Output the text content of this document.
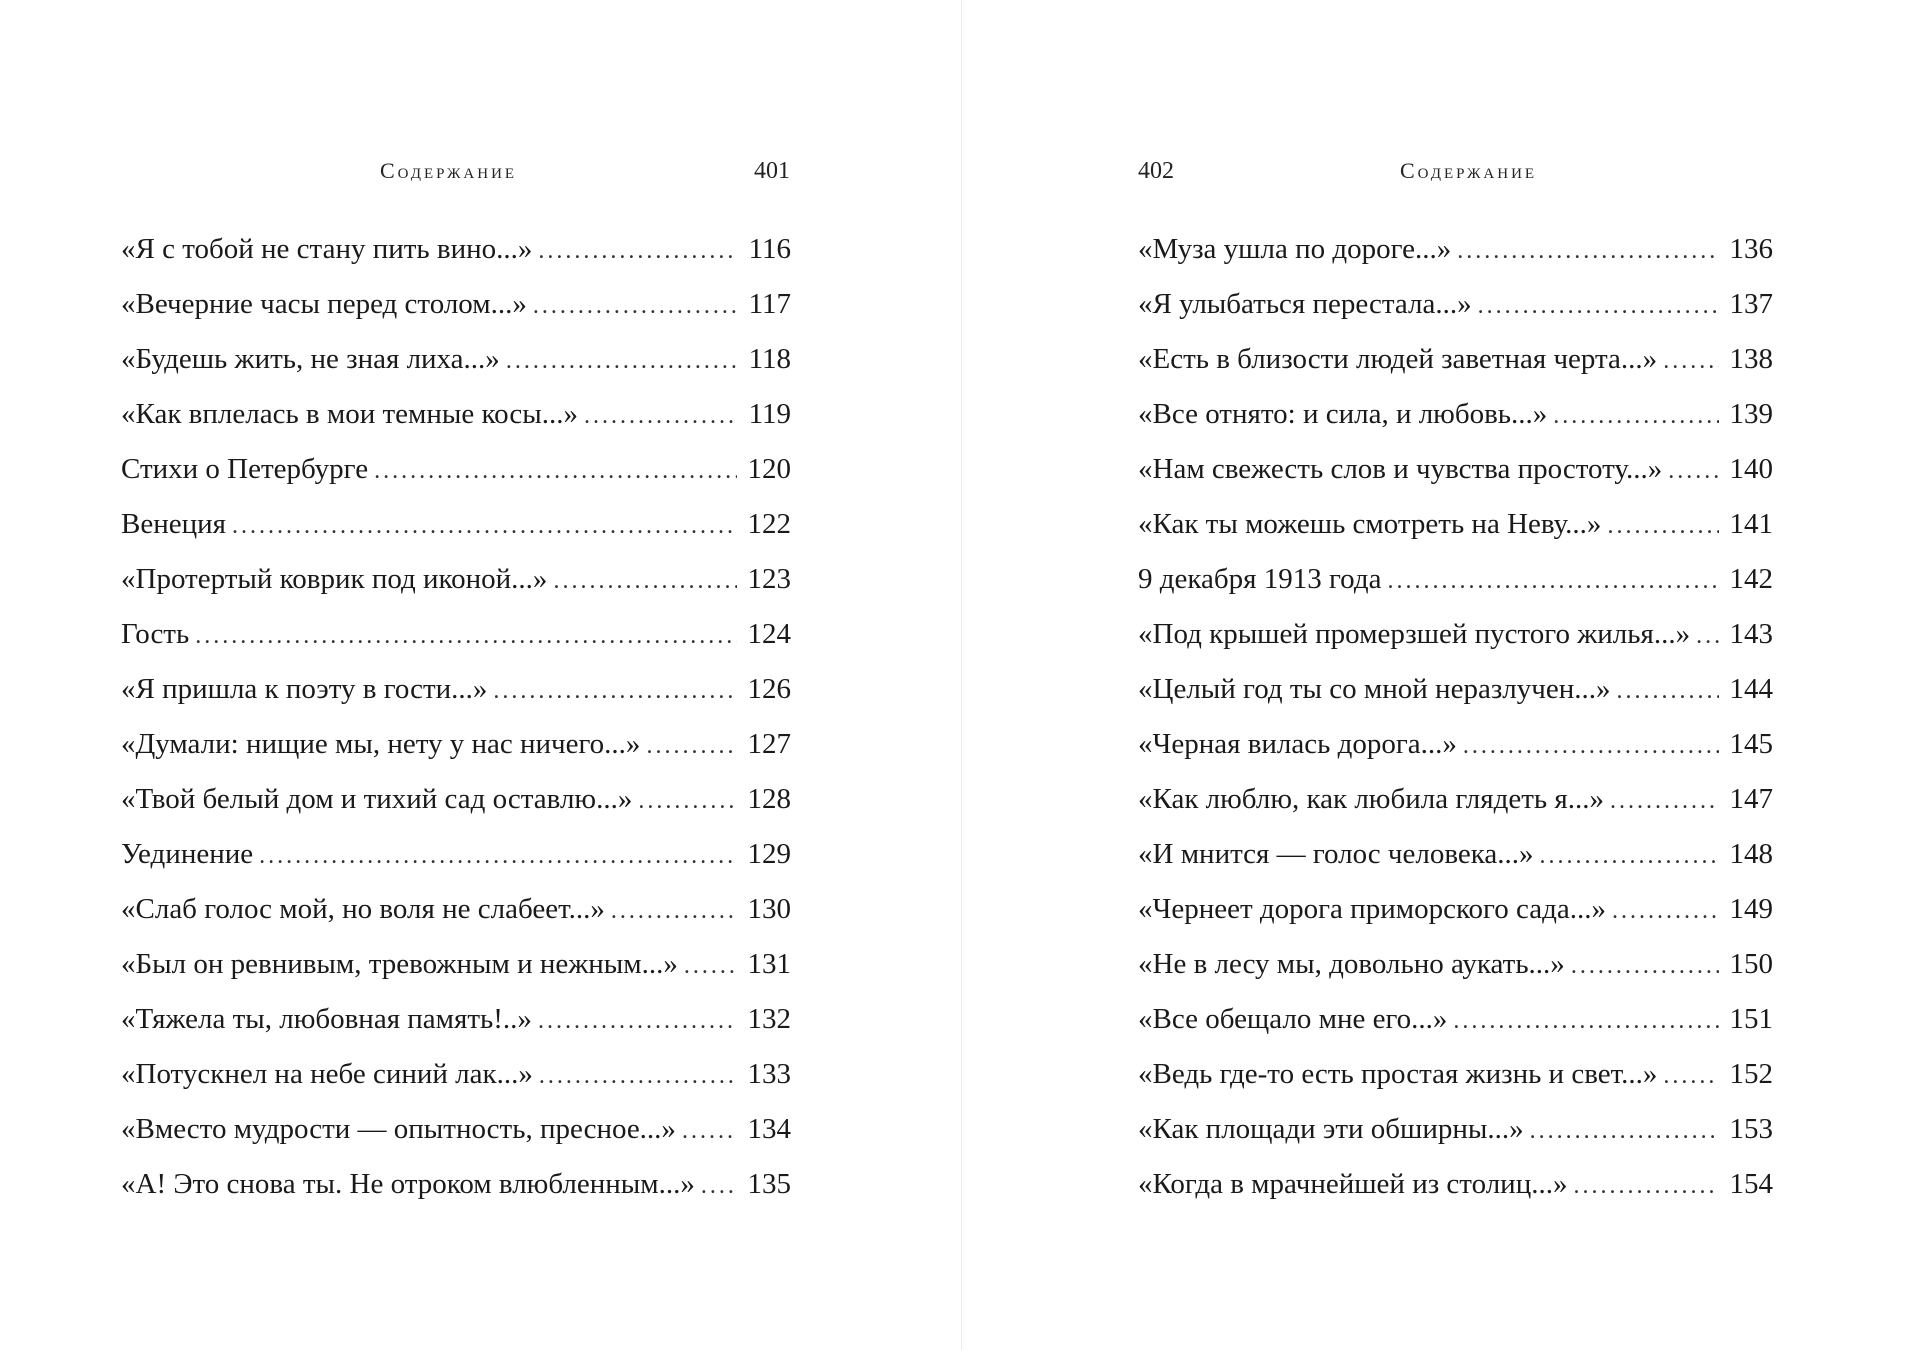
Содержание	401
«Я с тобой не стану пить вино...» .....	116
«Вечерние часы перед столом...» .....	117
«Будешь жить, не зная лиха...» .....	118
«Как вплелась в мои темные косы...» .....	119
Стихи о Петербурге .....	120
Венеция .....	122
«Протертый коврик под иконой...» .....	123
Гость .....	124
«Я пришла к поэту в гости...» .....	126
«Думали: нищие мы, нету у нас ничего...» .....	127
«Твой белый дом и тихий сад оставлю...» .....	128
Уединение .....	129
«Слаб голос мой, но воля не слабеет...» .....	130
«Был он ревнивым, тревожным и нежным...» ..... 131
«Тяжела ты, любовная память!..» .....	132
«Потускнел на небе синий лак...» .....	133
«Вместо мудрости — опытность, пресное...» ..... 134
«А! Это снова ты. Не отроком влюбленным...» ..... 135
402	Содержание
«Муза ушла по дороге...» .....	136
«Я улыбаться перестала...» .....	137
«Есть в близости людей заветная черта...» ..... 138
«Все отнято: и сила, и любовь...» .....	139
«Нам свежесть слов и чувства простоту...» ..... 140
«Как ты можешь смотреть на Неву...» .....	141
9 декабря 1913 года .....	142
«Под крышей промерзшей пустого жилья...» ..... 143
«Целый год ты со мной неразлучен...» .....	144
«Черная вилась дорога...» .....	145
«Как люблю, как любила глядеть я...» .....	147
«И мнится — голос человека...» .....	148
«Чернеет дорога приморского сада...» .....	149
«Не в лесу мы, довольно аукать...» .....	150
«Все обещало мне его...» .....	151
«Ведь где-то есть простая жизнь и свет...» ..... 152
«Как площади эти обширны...» .....	153
«Когда в мрачнейшей из столиц...» .....	154
